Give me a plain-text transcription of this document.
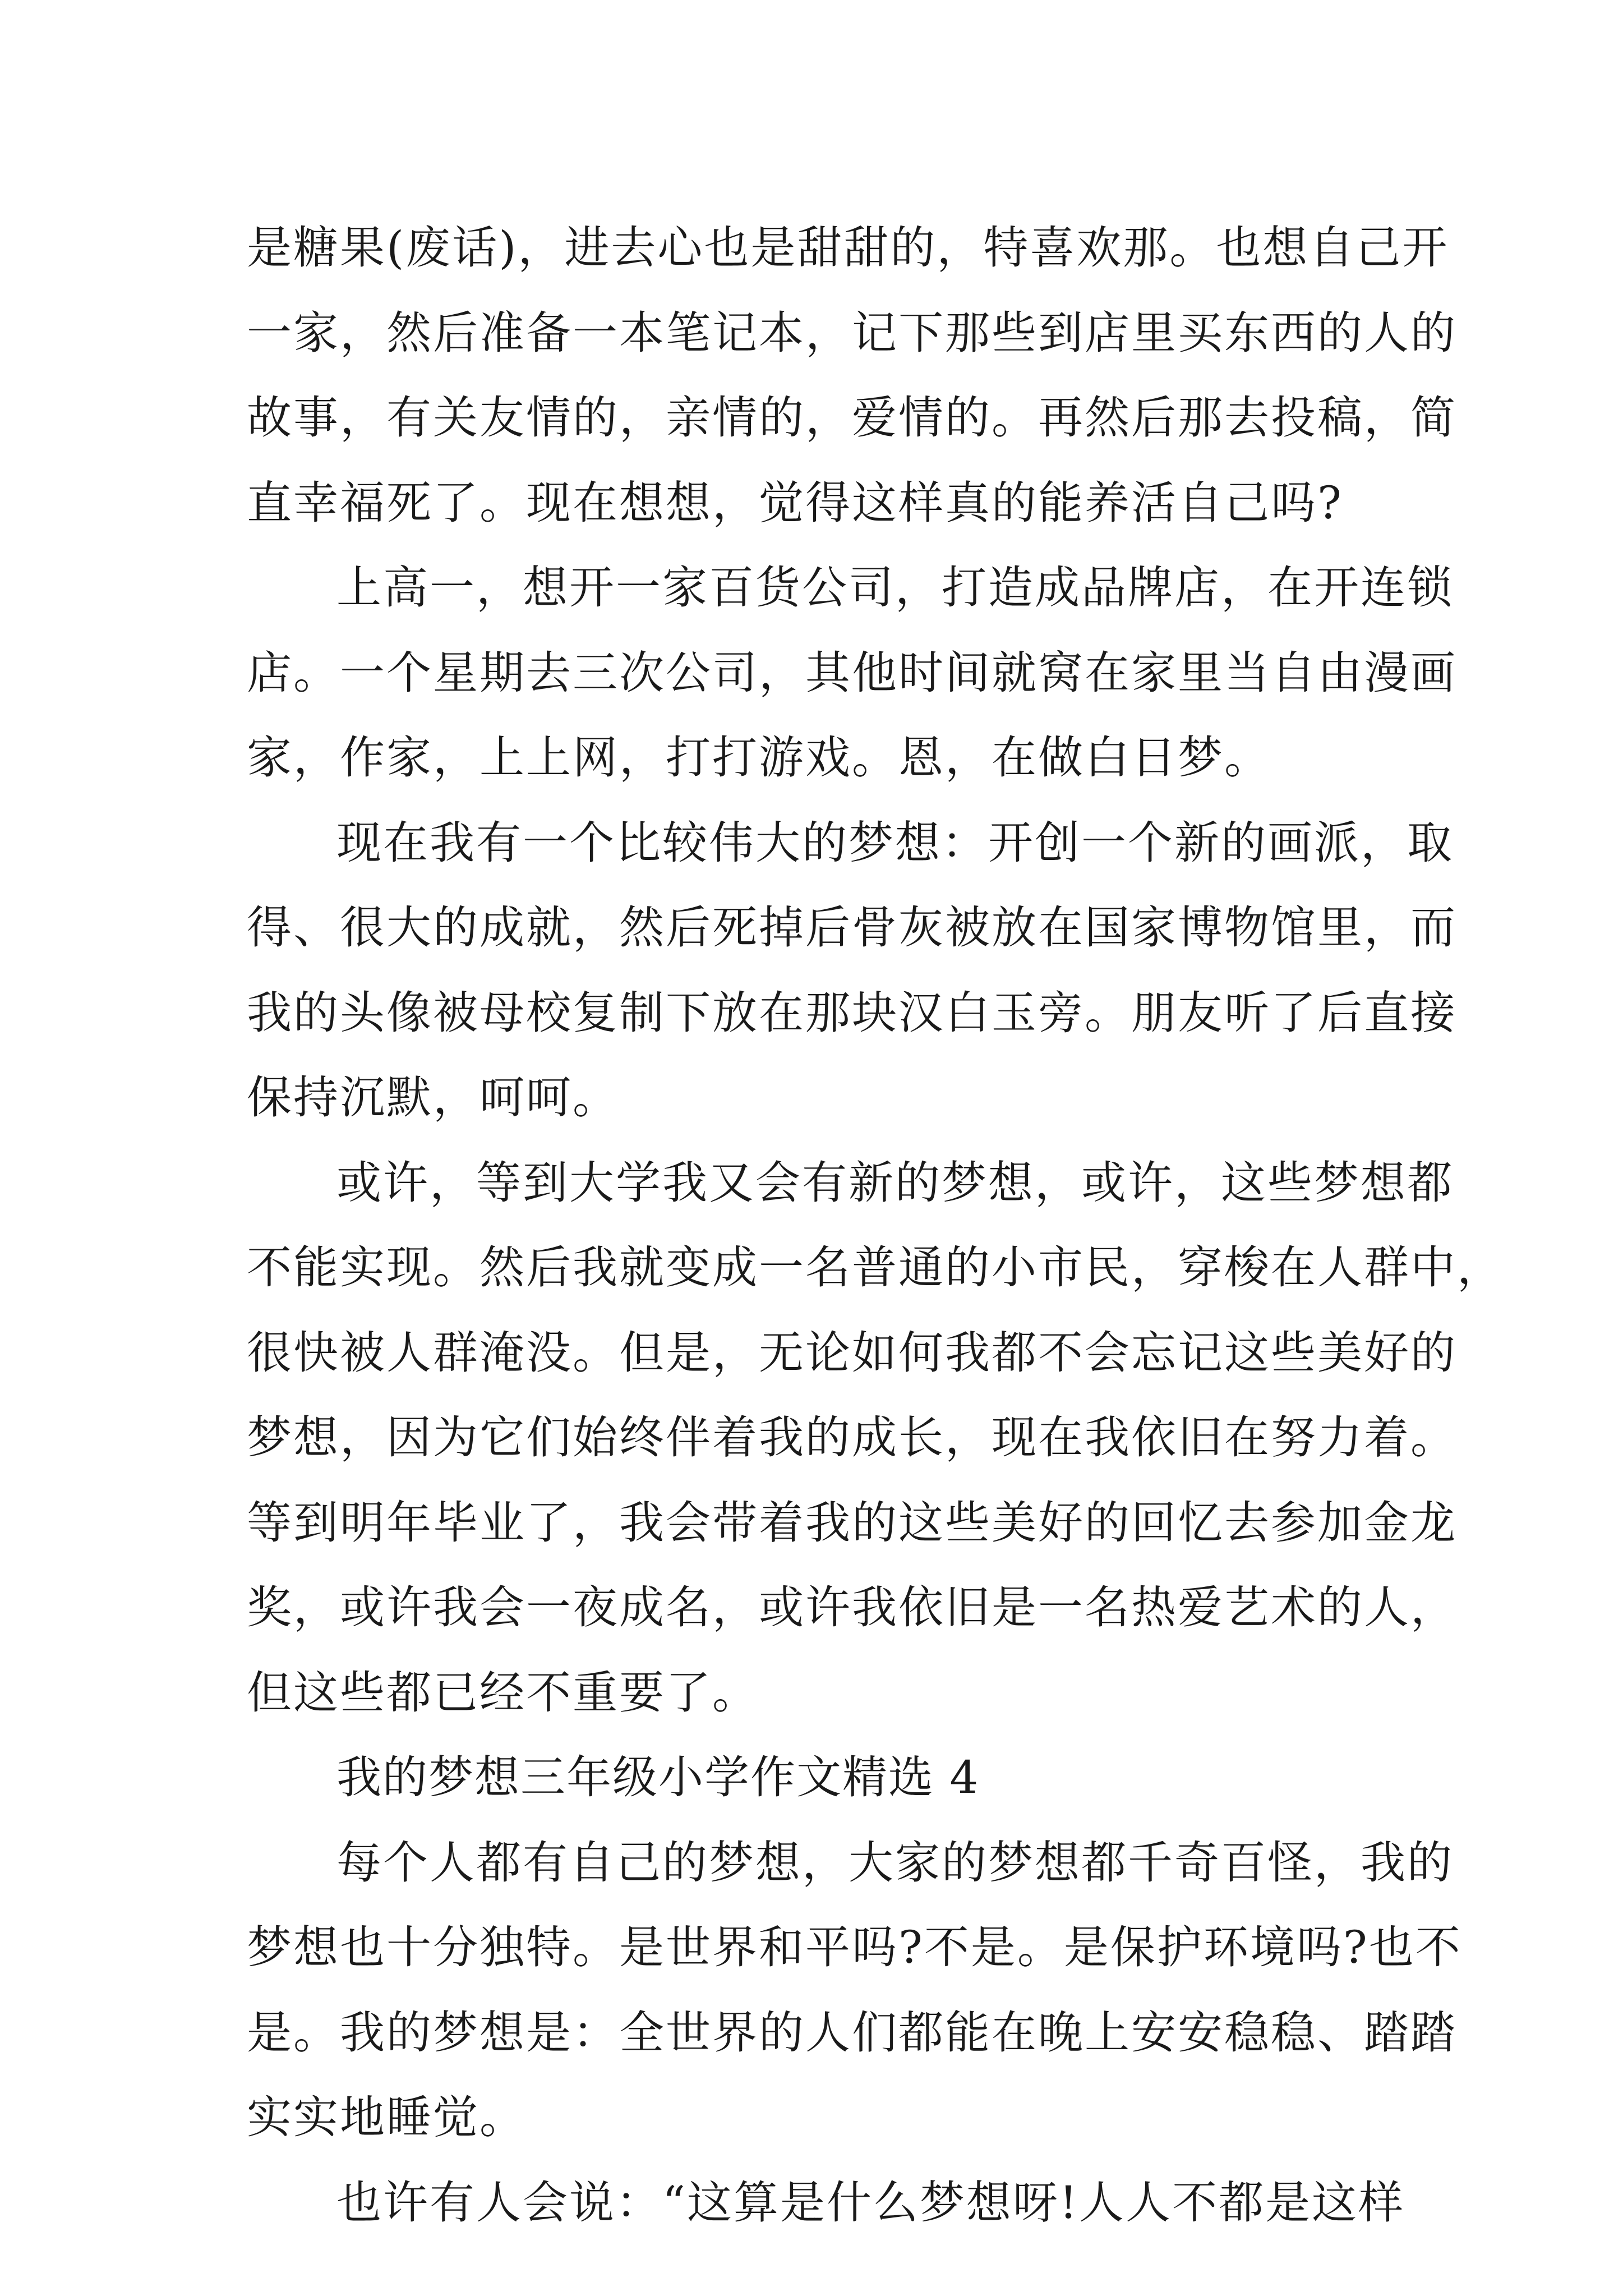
是糖果(废话)，进去心也是甜甜的，特喜欢那。也想自己开
一家，然后准备一本笔记本，记下那些到店里买东西的人的
故事，有关友情的，亲情的，爱情的。再然后那去投稿，简
直幸福死了。现在想想，觉得这样真的能养活自己吗?
上高一，想开一家百货公司，打造成品牌店，在开连锁
店。一个星期去三次公司，其他时间就窝在家里当自由漫画
家，作家，上上网，打打游戏。恩，在做白日梦。
现在我有一个比较伟大的梦想：开创一个新的画派，取
得、很大的成就，然后死掉后骨灰被放在国家博物馆里，而
我的头像被母校复制下放在那块汉白玉旁。朋友听了后直接
保持沉默，呵呵。
或许，等到大学我又会有新的梦想，或许，这些梦想都
不能实现。然后我就变成一名普通的小市民，穿梭在人群中，
很快被人群淹没。但是，无论如何我都不会忘记这些美好的
梦想，因为它们始终伴着我的成长，现在我依旧在努力着。
等到明年毕业了，我会带着我的这些美好的回忆去参加金龙
奖，或许我会一夜成名，或许我依旧是一名热爱艺术的人，
但这些都已经不重要了。
我的梦想三年级小学作文精选 4
每个人都有自己的梦想，大家的梦想都千奇百怪，我的
梦想也十分独特。是世界和平吗?不是。是保护环境吗?也不
是。我的梦想是：全世界的人们都能在晚上安安稳稳、踏踏
实实地睡觉。
也许有人会说：“这算是什么梦想呀!人人不都是这样
